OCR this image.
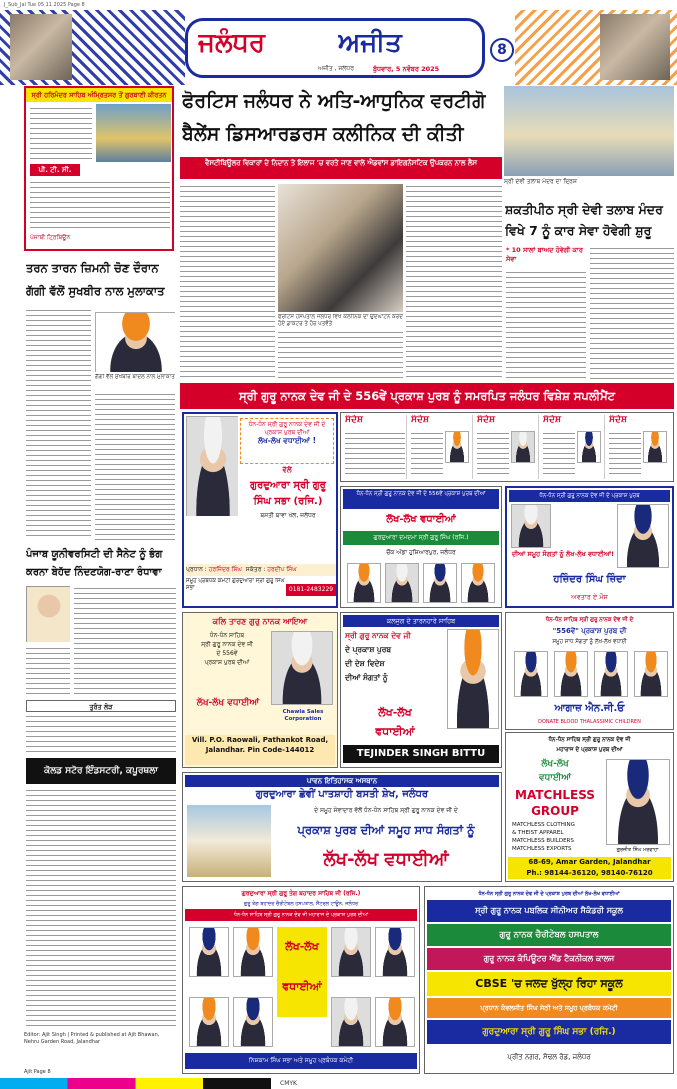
J_Sub_Jal Tue 05 11 2025 Page 8
ਜਲੰਧਰ	ਅਜੀਤ
ਅਜੀਤ , ਜਲੰਧਰ	ਬੁੱਧਵਾਰ, 5 ਨਵੰਬਰ 2025
8
ਸ੍ਰੀ ਹਰਿਮੰਦਰ ਸਾਹਿਬ ਅੰਮ੍ਰਿਤਸਰ ਤੋਂ ਗੁਰਬਾਣੀ ਕੀਰਤਨ
ਪੀ. ਟੀ. ਸੀ.
ਪੰਜਾਬੀ ਟ੍ਰਿਬਿਊਨ
ਫੋਰਟਿਸ ਜਲੰਧਰ ਨੇ ਅਤਿ-ਆਧੁਨਿਕ ਵਰਟੀਗੋ
ਬੈਲੇਂਸ ਡਿਸਆਰਡਰਸ ਕਲੀਨਿਕ ਦੀ ਕੀਤੀ
ਵੈਸਟੀਬਿਊਲਰ ਵਿਕਾਰਾਂ ਦੇ ਨਿਦਾਨ ਤੇ ਇਲਾਜ 'ਚ ਵਰਤੇ ਜਾਣ ਵਾਲੇ ਐਡਵਾਂਸ ਡਾਇਗਨੋਸਟਿਕ ਉਪਕਰਨ ਨਾਲ ਲੈਸ
ਫੋਰਟਿਸ ਹਸਪਤਾਲ ਜਲੰਧਰ ਵਿਖੇ ਕਲੀਨਿਕ ਦਾ ਉਦਘਾਟਨ ਕਰਦੇ ਹੋਏ ਡਾਕਟਰ ਤੇ ਹੋਰ ਪਤਵੰਤੇ
ਸ੍ਰੀ ਦੇਵੀ ਤਲਾਬ ਮੰਦਰ ਦਾ ਦ੍ਰਿਸ਼
ਸ਼ਕਤੀਪੀਠ ਸ੍ਰੀ ਦੇਵੀ ਤਲਾਬ ਮੰਦਰ
ਵਿਖੇ 7 ਨੂੰ ਕਾਰ ਸੇਵਾ ਹੋਵੇਗੀ ਸ਼ੁਰੂ
* 10 ਸਾਲਾਂ ਬਾਅਦ ਹੋਵੇਗੀ ਕਾਰ ਸੇਵਾ
ਤਰਨ ਤਾਰਨ ਜ਼ਿਮਨੀ ਚੋਣ ਦੌਰਾਨ
ਗੱਗੀ ਵੱਲੋਂ ਸੁਖਬੀਰ ਨਾਲ ਮੁਲਾਕਾਤ
ਗੱਗੀ ਵੱਲੋਂ ਸੁਖਬੀਰ ਬਾਦਲ ਨਾਲ ਮੁਲਾਕਾਤ
ਪੰਜਾਬ ਯੂਨੀਵਰਸਿਟੀ ਦੀ ਸੈਨੇਟ ਨੂੰ ਭੰਗ
ਕਰਨਾ ਬੇਹੱਦ ਨਿੰਦਣਯੋਗ-ਰਾਣਾ ਰੰਧਾਵਾ
ਤੁਰੰਤ ਲੋੜ
ਕੋਲਡ ਸਟੋਰ ਇੰਡਸਟਰੀ, ਕਪੂਰਥਲਾ
Editor: Ajit Singh | Printed & published at Ajit Bhawan, Nehru Garden Road, Jalandhar
Ajit Page 8
ਸ੍ਰੀ ਗੁਰੂ ਨਾਨਕ ਦੇਵ ਜੀ ਦੇ 556ਵੇਂ ਪ੍ਰਕਾਸ਼ ਪੁਰਬ ਨੂੰ ਸਮਰਪਿਤ ਜਲੰਧਰ ਵਿਸ਼ੇਸ਼ ਸਪਲੀਮੈਂਟ
ਧੰਨ-ਧੰਨ ਸ੍ਰੀ ਗੁਰੂ ਨਾਨਕ ਦੇਵ ਜੀ ਦੇ ਪ੍ਰਕਾਸ਼ ਪੁਰਬ ਦੀਆਂ
ਲੱਖ-ਲੱਖ ਵਧਾਈਆਂ !
ਵੱਲੋਂ
ਗੁਰਦੁਆਰਾ ਸ੍ਰੀ ਗੁਰੂ
ਸਿੰਘ ਸਭਾ (ਰਜਿ.)
ਬਸਤੀ ਬਾਵਾ ਖੇਲ, ਜਲੰਧਰ
ਪ੍ਰਧਾਨ : ਹਰਜਿੰਦਰ ਸਿੰਘ ਸਕੱਤਰ : ਹਰਦੀਪ ਸਿੰਘ
ਸਮੂਹ ਪ੍ਰਬੰਧਕ ਕਮੇਟੀ ਗੁਰਦੁਆਰਾ ਸ੍ਰੀ ਗੁਰੂ ਸਿੰਘ ਸਭਾ	0181-2483229
ਸੰਦੇਸ਼	ਸੰਦੇਸ਼	ਸੰਦੇਸ਼	ਸੰਦੇਸ਼	ਸੰਦੇਸ਼
ਧੰਨ-ਧੰਨ ਸ੍ਰੀ ਗੁਰੂ ਨਾਨਕ ਦੇਵ ਜੀ ਦੇ 556ਵੇਂ ਪ੍ਰਕਾਸ਼ ਪੁਰਬ ਦੀਆਂ
ਲੱਖ-ਲੱਖ ਵਧਾਈਆਂ
ਗੁਰਦੁਆਰਾ ਦਮਦਮਾ ਸ੍ਰੀ ਗੁਰੂ ਸਿੰਘ (ਰਜਿ.)
ਚੌਂਕ ਅੱਡਾ ਹੁਸ਼ਿਆਰਪੁਰ, ਜਲੰਧਰ
ਧੰਨ-ਧੰਨ ਸ੍ਰੀ ਗੁਰੂ ਨਾਨਕ ਦੇਵ ਜੀ ਦੇ ਪ੍ਰਕਾਸ਼ ਪੁਰਬ
ਦੀਆਂ ਸਮੂਹ ਸੰਗਤਾਂ ਨੂੰ ਲੱਖ-ਲੱਖ ਵਧਾਈਆਂ!
ਹਜ਼ਿੰਦਰ ਸਿੰਘ ਜ਼ਿੰਦਾ
ਅਵਤਾਰ ਏ ਮੌਸ
ਕਲਿ ਤਾਰਣ ਗੁਰੁ ਨਾਨਕ ਆਇਆ
ਧੰਨ-ਧੰਨ ਸਾਹਿਬ
ਸ੍ਰੀ ਗੁਰੂ ਨਾਨਕ ਦੇਵ ਜੀ
ਦੇ 556ਵੇਂ
ਪ੍ਰਕਾਸ਼ ਪੁਰਬ ਦੀਆਂ
ਲੱਖ-ਲੱਖ ਵਧਾਈਆਂ
Chawla Sales Corporation
Vill. P.O. Raowali, Pathankot Road,
Jalandhar. Pin Code-144012
ਕਲਜੁਗ ਦੇ ਤਾਰਨਹਾਰੇ ਸਾਹਿਬ
ਸ੍ਰੀ ਗੁਰੂ ਨਾਨਕ ਦੇਵ ਜੀ
ਦੇ ਪ੍ਰਕਾਸ਼ ਪੁਰਬ
ਦੀ ਦੇਸ਼ ਵਿਦੇਸ਼
ਦੀਆਂ ਸੰਗਤਾਂ ਨੂੰ
ਲੱਖ-ਲੱਖ
ਵਧਾਈਆਂ
TEJINDER SINGH BITTU
ਧੰਨ-ਧੰਨ ਸਾਹਿਬ ਸ੍ਰੀ ਗੁਰੂ ਨਾਨਕ ਦੇਵ ਜੀ ਦੇ
"556ਵੇਂ" ਪ੍ਰਕਾਸ਼ ਪੁਰਬ ਦੀ
ਸਮੂਹ ਸਾਧ ਸੰਗਤਾਂ ਨੂੰ ਲੱਖ-ਲੱਖ ਵਧਾਈ
ਆਗਾਜ਼ ਐਨ.ਜੀ.ਓ
DONATE BLOOD THALASSIMIC CHILDREN
ਧੰਨ-ਧੰਨ ਸਾਹਿਬ ਸ੍ਰੀ ਗੁਰੂ ਨਾਨਕ ਦੇਵ ਜੀ
ਮਹਾਰਾਜ ਦੇ ਪ੍ਰਕਾਸ਼ ਪੁਰਬ ਦੀਆਂ
ਲੱਖ-ਲੱਖ
ਵਧਾਈਆਂ
MATCHLESS
GROUP
MATCHLESS CLOTHING
& THEIST APPAREL
MATCHLESS BUILDERS
MATCHLESS EXPORTS	ਗੁਰਜੀਤ ਸਿੰਘ ਮਰਵਾਹਾ
68-69, Amar Garden, Jalandhar
Ph.: 98144-36120, 98140-76120
ਪਾਵਨ ਇਤਿਹਾਸਕ ਅਸਥਾਨ
ਗੁਰਦੁਆਰਾ ਛੇਵੀਂ ਪਾਤਸ਼ਾਹੀ ਬਸਤੀ ਸ਼ੇਖ, ਜਲੰਧਰ
ਦੇ ਸਮੂਹ ਸੇਵਾਦਾਰ ਵੱਲੋਂ ਧੰਨ-ਧੰਨ ਸਾਹਿਬ ਸ੍ਰੀ ਗੁਰੂ ਨਾਨਕ ਦੇਵ ਜੀ ਦੇ
ਪ੍ਰਕਾਸ਼ ਪੁਰਬ ਦੀਆਂ ਸਮੂਹ ਸਾਧ ਸੰਗਤਾਂ ਨੂੰ
ਲੱਖ-ਲੱਖ ਵਧਾਈਆਂ
ਗੁਰਦੁਆਰਾ ਸ੍ਰੀ ਗੁਰੂ ਤੇਗ ਬਹਾਦਰ ਸਾਹਿਬ ਜੀ (ਰਜਿ.)
ਗੁਰੂ ਤੇਗ ਬਹਾਦਰ ਚੈਰੀਟੇਬਲ ਹਸਪਤਾਲ, ਸੈਂਟਰਲ ਟਾਊਨ, ਜਲੰਧਰ
ਧੰਨ-ਧੰਨ ਸਾਹਿਬ ਸ੍ਰੀ ਗੁਰੂ ਨਾਨਕ ਦੇਵ ਜੀ ਮਹਾਰਾਜ ਦੇ ਪ੍ਰਕਾਸ਼ ਪੁਰਬ ਦੀਆਂ
ਲੱਖ-ਲੱਖ
ਵਧਾਈਆਂ
ਨਿਸ਼ਕਾਮ ਸਿੰਘ ਸਭਾ ਅਤੇ ਸਮੂਹ ਪ੍ਰਬੰਧਕ ਕਮੇਟੀ
ਧੰਨ-ਧੰਨ ਸ੍ਰੀ ਗੁਰੂ ਨਾਨਕ ਦੇਵ ਜੀ ਦੇ ਪ੍ਰਕਾਸ਼ ਪੁਰਬ ਦੀਆਂ ਲੱਖ-ਲੱਖ ਵਧਾਈਆਂ
ਸ੍ਰੀ ਗੁਰੂ ਨਾਨਕ ਪਬਲਿਕ ਸੀਨੀਅਰ ਸੈਕੰਡਰੀ ਸਕੂਲ
ਗੁਰੂ ਨਾਨਕ ਚੈਰੀਟੇਬਲ ਹਸਪਤਾਲ
ਗੁਰੂ ਨਾਨਕ ਕੰਪਿਊਟਰ ਐਂਡ ਟੈਕਨੀਕਲ ਕਾਲਜ
CBSE 'ਚ ਜਲਦ ਖੁੱਲ੍ਹ ਰਿਹਾ ਸਕੂਲ
ਪ੍ਰਧਾਨ ਕੰਵਲਜੀਤ ਸਿੰਘ ਸੇਠੀ ਅਤੇ ਸਮੂਹ ਪ੍ਰਬੰਧਕ ਕਮੇਟੀ
ਗੁਰਦੁਆਰਾ ਸ੍ਰੀ ਗੁਰੂ ਸਿੰਘ ਸਭਾ (ਰਜਿ.)
ਪ੍ਰੀਤ ਨਗਰ, ਸੋਢਲ ਰੋਡ, ਜਲੰਧਰ
CMYK
